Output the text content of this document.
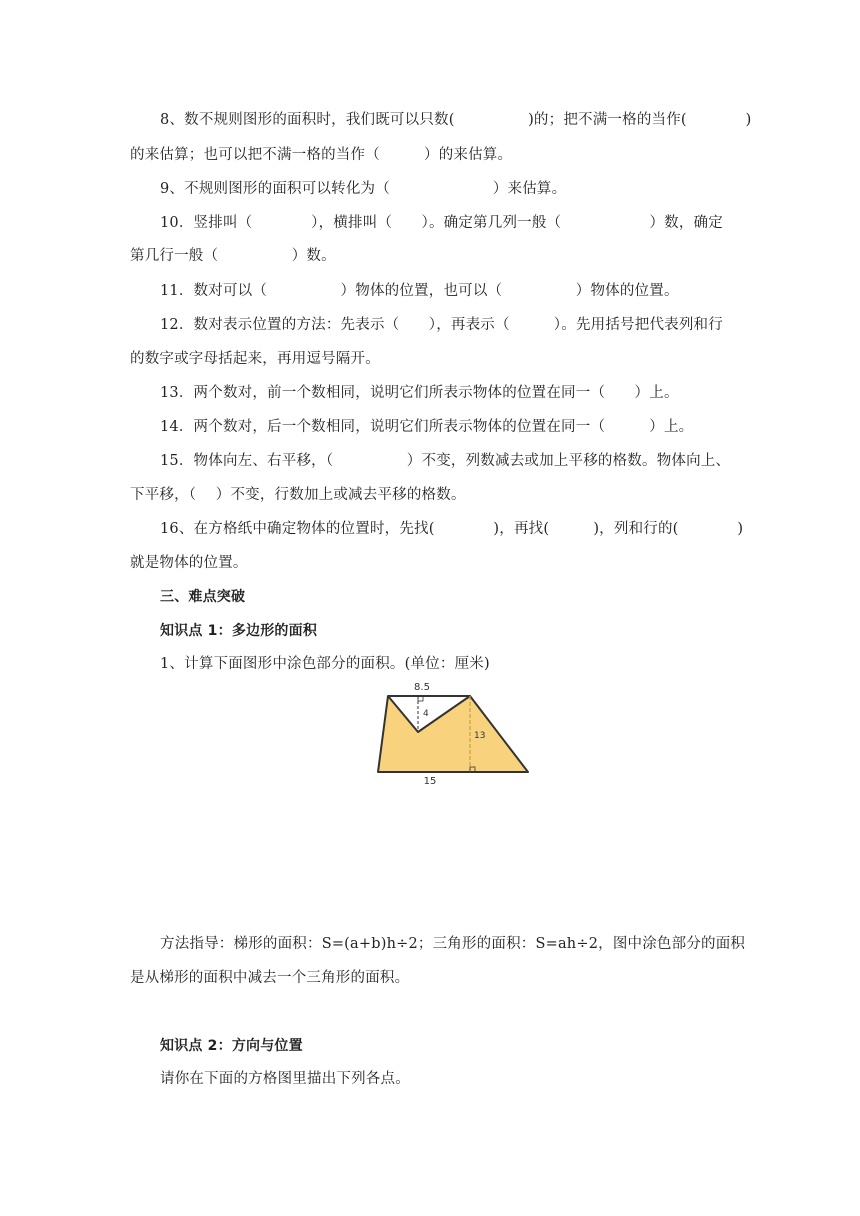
8、数不规则图形的面积时，我们既可以只数(　　　　　)的；把不满一格的当作(　　　　)
的来估算；也可以把不满一格的当作（　　　）的来估算。
9、不规则图形的面积可以转化为（　　　　　　　）来估算。
10．竖排叫（　　　　），横排叫（　　）。确定第几列一般（　　　　　　）数，确定
第几行一般（　　　　　）数。
11．数对可以（　　　　　）物体的位置，也可以（　　　　　）物体的位置。
12．数对表示位置的方法：先表示（　　），再表示（　　　）。先用括号把代表列和行
的数字或字母括起来，再用逗号隔开。
13．两个数对，前一个数相同，说明它们所表示物体的位置在同一（　　）上。
14．两个数对，后一个数相同，说明它们所表示物体的位置在同一（　　　）上。
15．物体向左、右平移，（　　　　　）不变，列数减去或加上平移的格数。物体向上、
下平移，（　 ）不变，行数加上或减去平移的格数。
16、在方格纸中确定物体的位置时，先找(　　　　)，再找(　　　)，列和行的(　　　　)
就是物体的位置。
三、难点突破
知识点 1：多边形的面积
1、计算下面图形中涂色部分的面积。(单位：厘米)
8.5
4
13
15
方法指导：梯形的面积：S=(a+b)h÷2；三角形的面积：S=ah÷2，图中涂色部分的面积
是从梯形的面积中减去一个三角形的面积。
知识点 2：方向与位置
请你在下面的方格图里描出下列各点。
